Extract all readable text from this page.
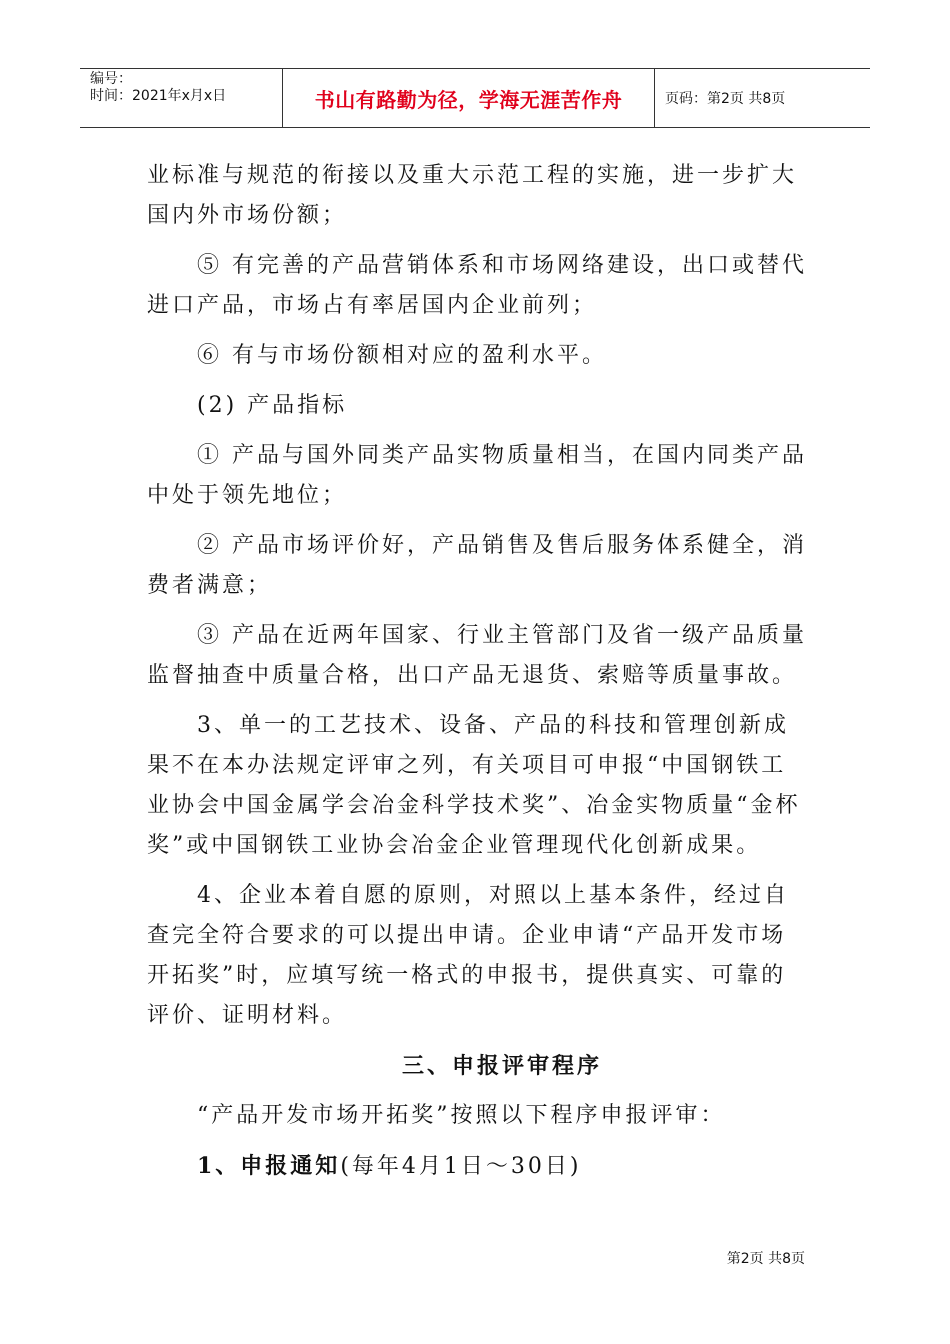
编号：
时间：2021年x月x日	书山有路勤为径，学海无涯苦作舟	页码：第2页 共8页

业标准与规范的衔接以及重大示范工程的实施，进一步扩大国内外市场份额；

⑤ 有完善的产品营销体系和市场网络建设，出口或替代进口产品，市场占有率居国内企业前列；

⑥ 有与市场份额相对应的盈利水平。

(2) 产品指标

① 产品与国外同类产品实物质量相当，在国内同类产品中处于领先地位；

② 产品市场评价好，产品销售及售后服务体系健全，消费者满意；

③ 产品在近两年国家、行业主管部门及省一级产品质量监督抽查中质量合格，出口产品无退货、索赔等质量事故。

3、单一的工艺技术、设备、产品的科技和管理创新成果不在本办法规定评审之列，有关项目可申报“中国钢铁工业协会中国金属学会冶金科学技术奖”、冶金实物质量“金杯奖”或中国钢铁工业协会冶金企业管理现代化创新成果。

4、企业本着自愿的原则，对照以上基本条件，经过自查完全符合要求的可以提出申请。企业申请“产品开发市场开拓奖”时，应填写统一格式的申报书，提供真实、可靠的评价、证明材料。

三、申报评审程序

“产品开发市场开拓奖”按照以下程序申报评审：

1、申报通知(每年4月1日～30日)

第2页 共8页
